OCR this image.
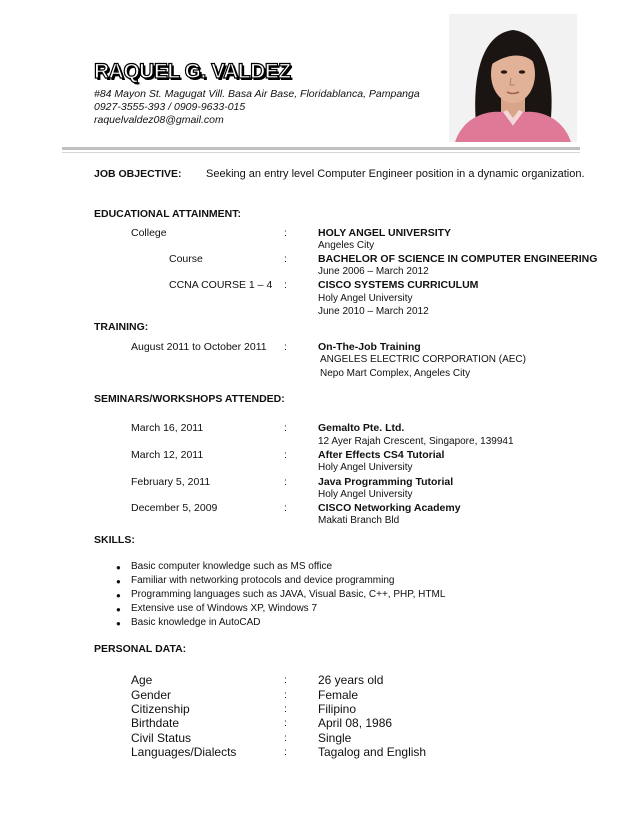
RAQUEL G. VALDEZ
#84 Mayon St. Magugat Vill. Basa Air Base, Floridablanca, Pampanga
0927-3555-393 / 0909-9633-015
raquelvaldez08@gmail.com
JOB OBJECTIVE: Seeking an entry level Computer Engineer position in a dynamic organization.
EDUCATIONAL ATTAINMENT:
College	:	HOLY ANGEL UNIVERSITY
Angeles City
Course	:	BACHELOR OF SCIENCE IN COMPUTER ENGINEERING
June 2006 – March 2012
CCNA COURSE 1 – 4 :	CISCO SYSTEMS CURRICULUM
Holy Angel University
June 2010 – March 2012
TRAINING:
August 2011 to October 2011 :	On-The-Job Training
ANGELES ELECTRIC CORPORATION (AEC)
Nepo Mart Complex, Angeles City
SEMINARS/WORKSHOPS ATTENDED:
March 16, 2011	:	Gemalto Pte. Ltd.
12 Ayer Rajah Crescent, Singapore, 139941
March 12, 2011	:	After Effects CS4 Tutorial
Holy Angel University
February 5, 2011	:	Java Programming Tutorial
Holy Angel University
December 5, 2009	:	CISCO Networking Academy
Makati Branch Bld
SKILLS:
● Basic computer knowledge such as MS office
● Familiar with networking protocols and device programming
● Programming languages such as JAVA, Visual Basic, C++, PHP, HTML
● Extensive use of Windows XP, Windows 7
● Basic knowledge in AutoCAD
PERSONAL DATA:
Age	:	26 years old
Gender	:	Female
Citizenship	:	Filipino
Birthdate	:	April 08, 1986
Civil Status	:	Single
Languages/Dialects	:	Tagalog and English
